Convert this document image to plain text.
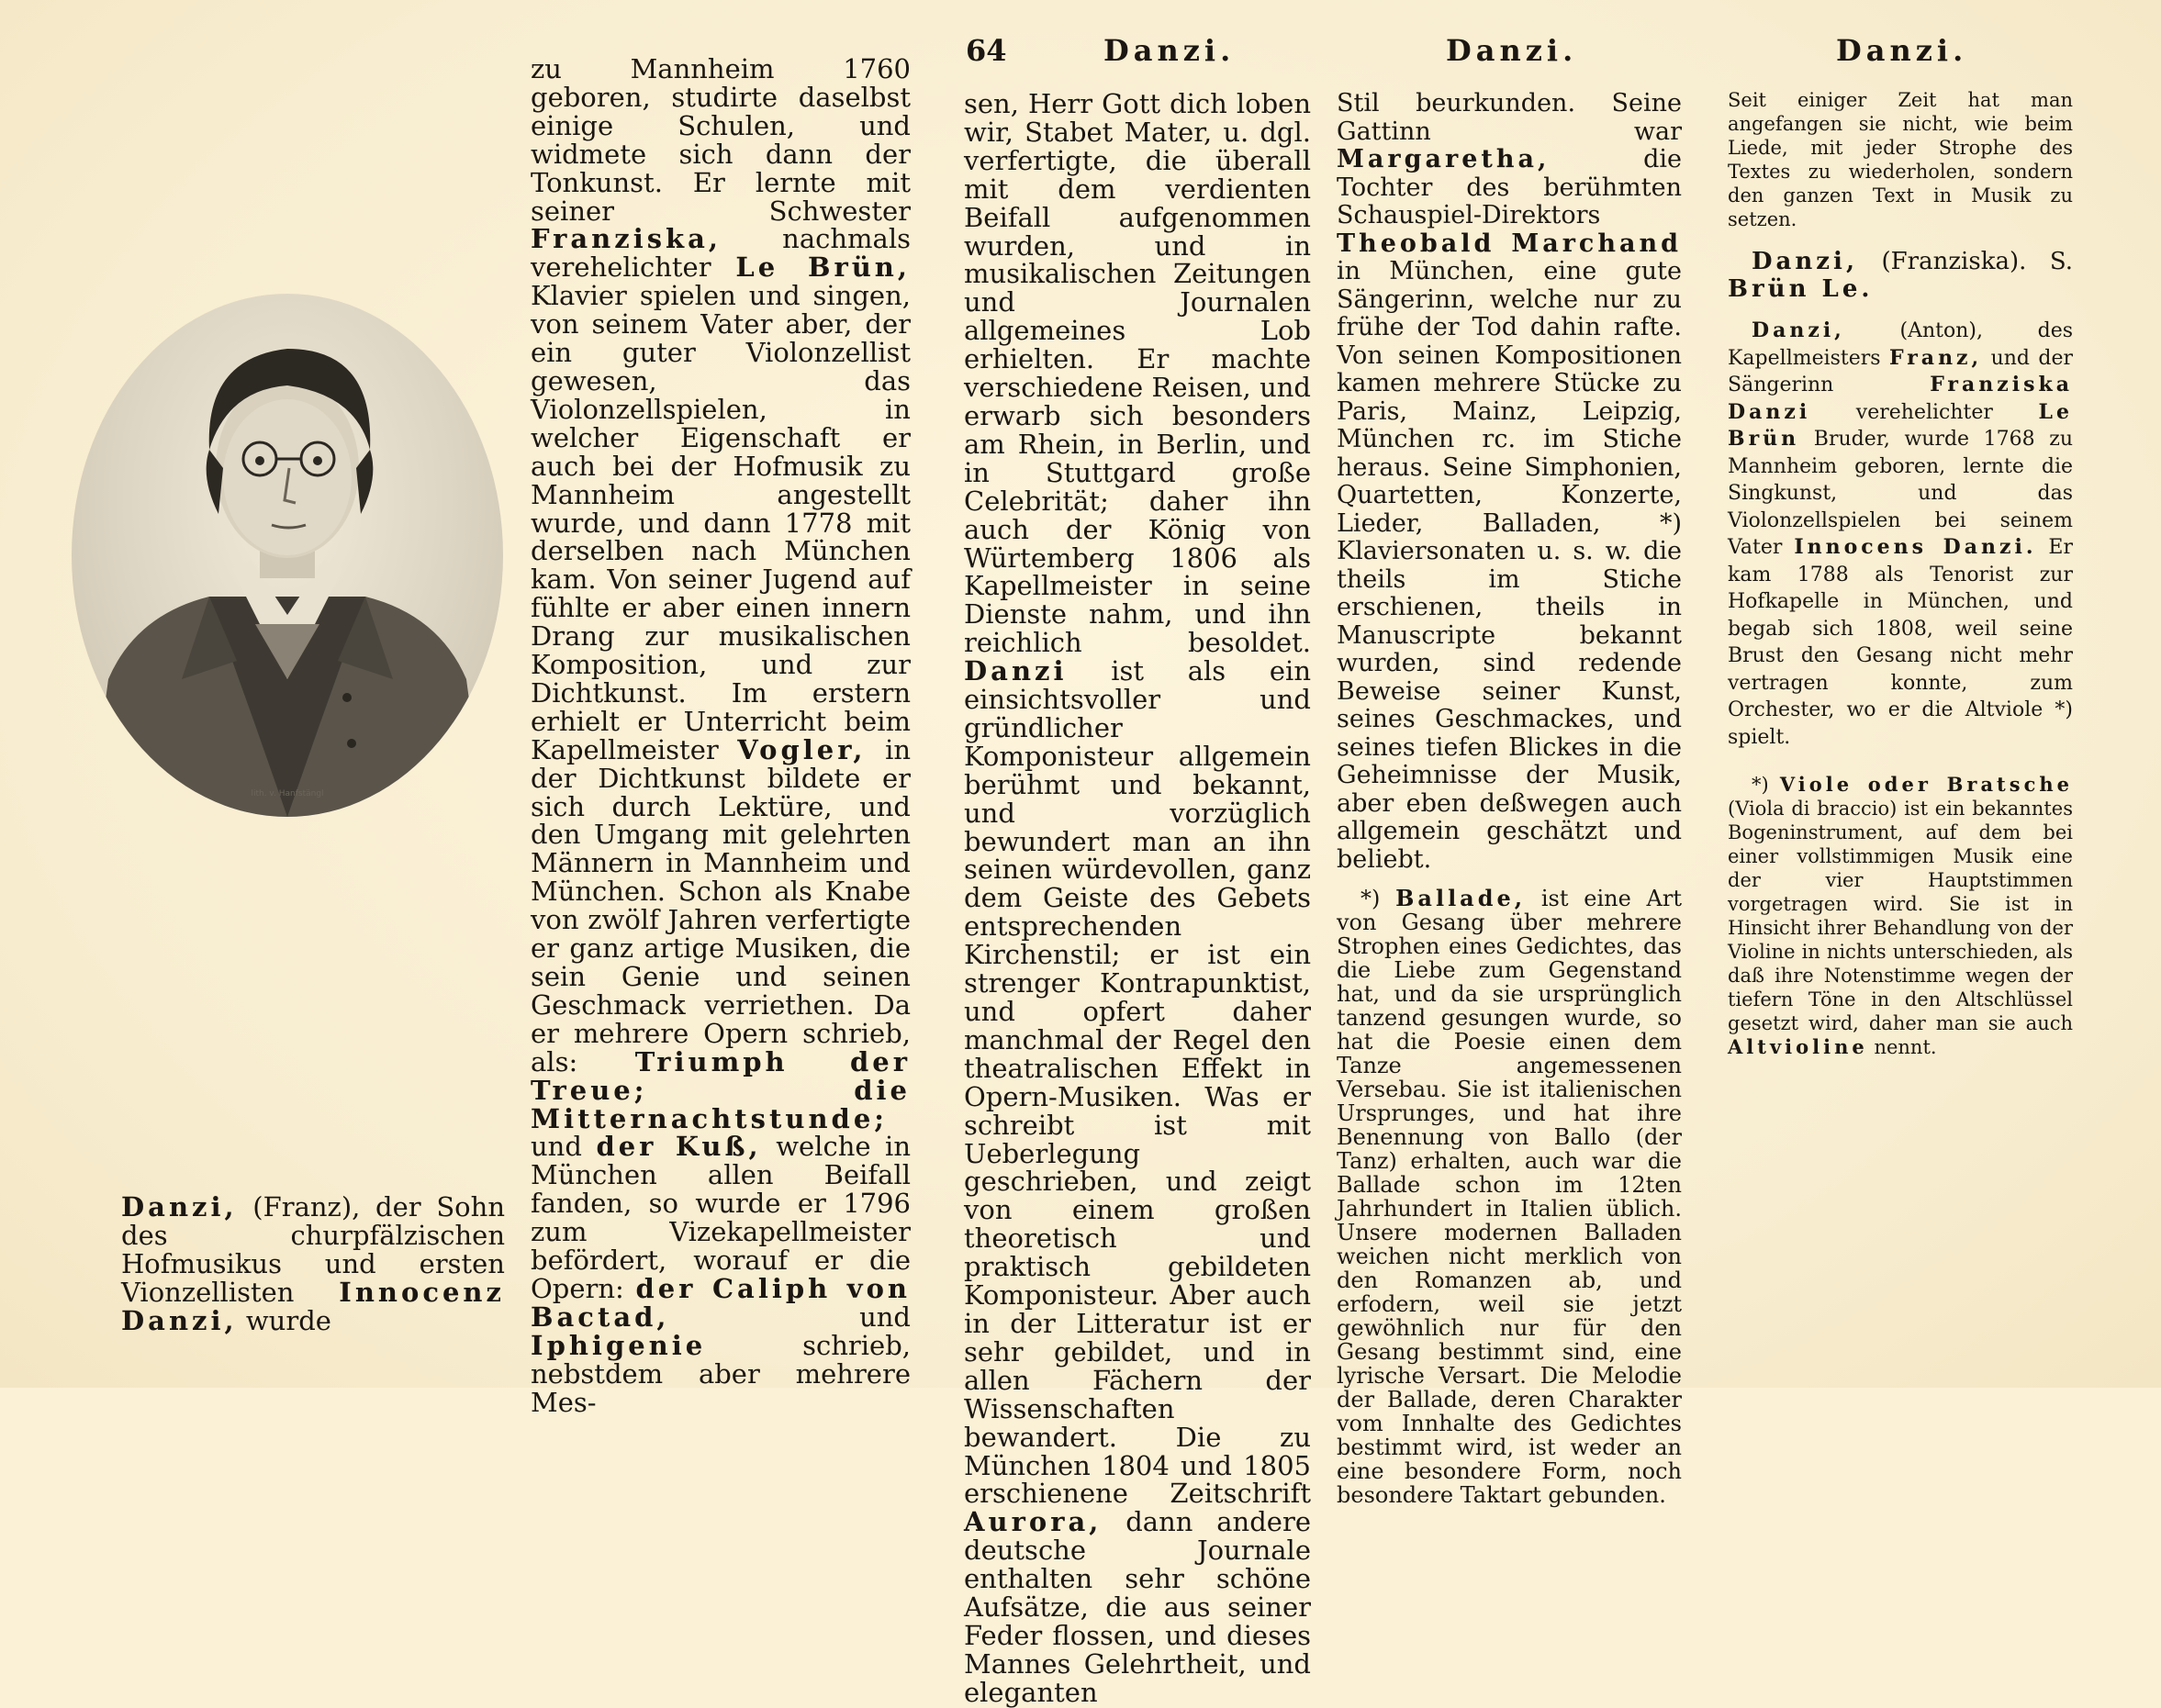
64	Danzi.	Danzi.	Danzi.
lith. v. Hanfstängl

Danzi, (Franz), der Sohn des churpfälzischen Hofmusikus und ersten Vionzellisten Innocenz Danzi, wurde

zu Mannheim 1760 geboren, studirte daselbst einige Schulen, und widmete sich dann der Tonkunst. Er lernte mit seiner Schwester Franziska, nachmals verehelichter Le Brün, Klavier spielen und singen, von seinem Vater aber, der ein guter Violonzellist gewesen, das Violonzellspielen, in welcher Eigenschaft er auch bei der Hofmusik zu Mannheim angestellt wurde, und dann 1778 mit derselben nach München kam. Von seiner Jugend auf fühlte er aber einen innern Drang zur musikalischen Komposition, und zur Dichtkunst. Im erstern erhielt er Unterricht beim Kapellmeister Vogler, in der Dichtkunst bildete er sich durch Lektüre, und den Umgang mit gelehrten Männern in Mannheim und München. Schon als Knabe von zwölf Jahren verfertigte er ganz artige Musiken, die sein Genie und seinen Geschmack verriethen. Da er mehrere Opern schrieb, als: Triumph der Treue;	die Mitternachtstunde; und der Kuß, welche in München allen Beifall fanden, so wurde er 1796 zum Vizekapellmeister befördert, worauf er die Opern: der Caliph von Bactad,	und Iphigenie	schrieb, nebstdem aber mehrere Mes-

sen, Herr Gott dich loben wir, Stabet Mater, u. dgl. verfertigte, die überall mit dem verdienten Beifall aufgenommen wurden, und in musikalischen Zeitungen und Journalen allgemeines Lob erhielten. Er machte verschiedene Reisen, und erwarb sich besonders am Rhein, in Berlin, und in Stuttgard große Celebrität; daher ihn auch der König von Würtemberg 1806 als Kapellmeister in seine Dienste nahm, und ihn reichlich besoldet. Danzi ist als ein einsichtsvoller und gründlicher Komponisteur allgemein berühmt und bekannt, und vorzüglich bewundert man an ihn seinen würdevollen, ganz dem Geiste des Gebets entsprechenden Kirchenstil; er ist ein strenger Kontrapunktist, und opfert daher manchmal der Regel den theatralischen Effekt in Opern-Musiken. Was er schreibt ist mit Ueberlegung geschrieben, und zeigt von einem großen theoretisch und praktisch gebildeten Komponisteur. Aber auch in der Litteratur ist er sehr gebildet, und in allen Fächern der Wissenschaften bewandert. Die zu München 1804 und 1805 erschienene Zeitschrift Aurora, dann andere deutsche Journale enthalten sehr schöne Aufsätze, die aus seiner Feder flossen, und dieses Mannes Gelehrtheit, und eleganten

Stil beurkunden. Seine Gattinn war Margaretha,	die Tochter des berühmten Schauspiel-Direktors Theobald Marchand in München, eine gute Sängerinn, welche nur zu frühe der Tod dahin rafte. Von seinen Kompositionen kamen mehrere Stücke zu Paris, Mainz, Leipzig, München rc. im Stiche heraus. Seine Simphonien, Quartetten, Konzerte, Lieder, Balladen, *) Klaviersonaten u. s. w. die theils im Stiche erschienen, theils in Manuscripte bekannt wurden, sind redende Beweise seiner Kunst, seines Geschmackes, und seines tiefen Blickes in die Geheimnisse der Musik, aber eben deßwegen auch allgemein geschätzt und beliebt.

*) Ballade, ist eine Art von Gesang über mehrere Strophen eines Gedichtes, das die Liebe zum Gegenstand hat, und da sie ursprünglich tanzend gesungen wurde, so hat die Poesie einen dem Tanze angemessenen Versebau. Sie ist italienischen Ursprunges, und hat ihre Benennung von Ballo (der Tanz) erhalten, auch war die Ballade schon im 12ten Jahrhundert in Italien üblich. Unsere modernen Balladen weichen nicht merklich von den Romanzen ab, und erfodern, weil sie jetzt gewöhnlich nur für den Gesang bestimmt sind, eine lyrische Versart. Die Melodie der Ballade, deren Charakter vom Innhalte des Gedichtes bestimmt wird, ist weder an eine besondere Form, noch besondere Taktart gebunden.

Seit einiger Zeit hat man angefangen sie nicht, wie beim Liede, mit jeder Strophe des Textes zu wiederholen, sondern den ganzen Text in Musik zu setzen.

Danzi, (Franziska). S. Brün Le.

Danzi,	(Anton), des Kapellmeisters Franz, und der Sängerinn	Franziska Danzi verehelichter Le Brün Bruder, wurde 1768 zu Mannheim geboren, lernte die Singkunst, und das Violonzellspielen bei seinem Vater Innocens Danzi. Er kam 1788 als Tenorist zur Hofkapelle in München, und begab sich 1808, weil seine Brust den Gesang nicht mehr vertragen konnte, zum Orchester, wo er die Altviole *) spielt.

*) Viole oder Bratsche (Viola di braccio) ist ein bekanntes Bogeninstrument, auf dem bei einer vollstimmigen Musik eine der vier Hauptstimmen vorgetragen wird. Sie ist in Hinsicht ihrer Behandlung von der Violine in nichts unterschieden, als daß ihre Notenstimme wegen der tiefern Töne in den Altschlüssel gesetzt wird, daher man sie auch Altvioline nennt.
